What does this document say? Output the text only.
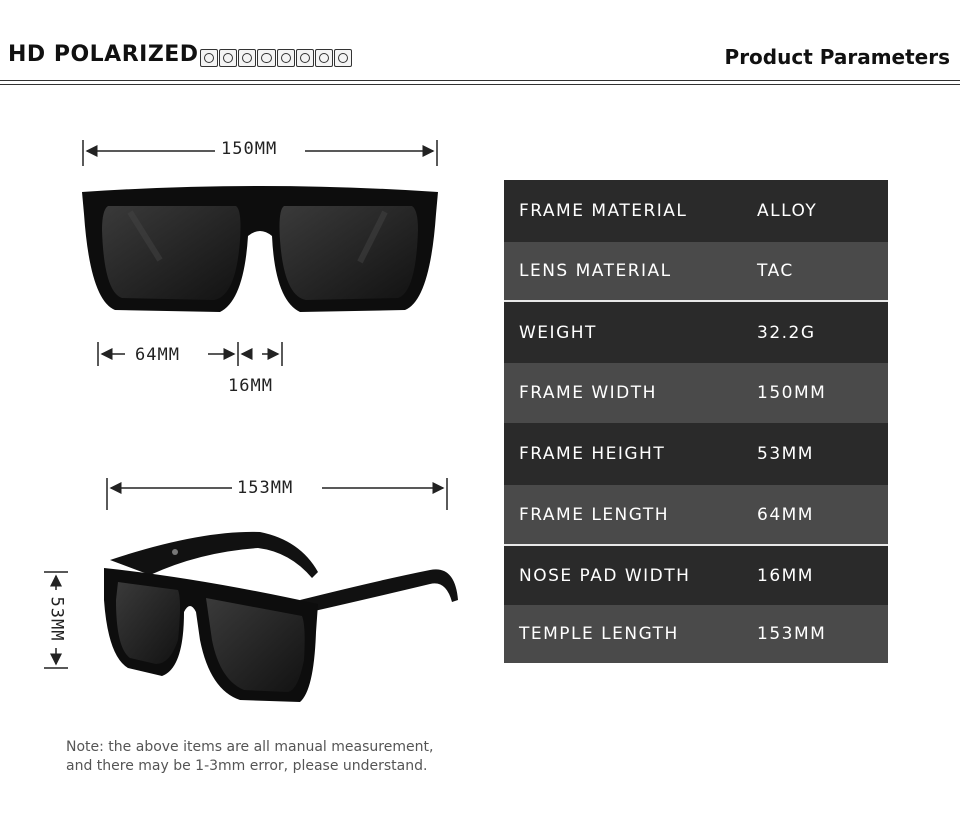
HD POLARIZED	Product Parameters
150MM
64MM
16MM
153MM
53MM
FRAME MATERIAL	ALLOY
LENS MATERIAL	TAC
WEIGHT	32.2G
FRAME WIDTH	150MM
FRAME HEIGHT	53MM
FRAME LENGTH	64MM
NOSE PAD WIDTH	16MM
TEMPLE LENGTH	153MM
Note: the above items are all manual measurement,
and there may be 1-3mm error, please understand.
